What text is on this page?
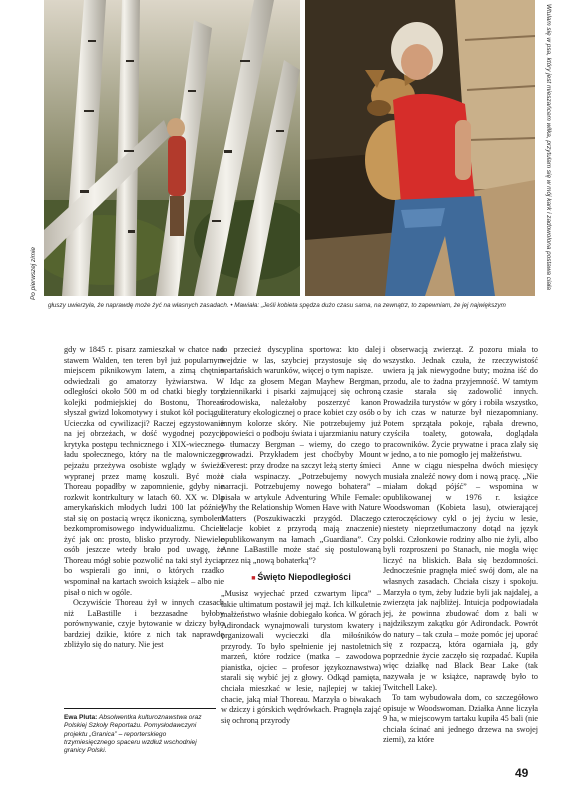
Po pierwszej zimie	Wtulam się w psa, który jest mieszańcem wilka, przytulam się w mój kark i zadowolona postawa ciała
głuszy uwierzyła, że naprawdę może żyć na własnych zasadach. • Mawiała: „Jeśli kobieta spędza dużo czasu sama, na zewnątrz, to zapewniam, że jej największym

gdy w 1845 r. pisarz zamieszkał w chatce nad stawem Walden, ten teren był już popularnym miejscem piknikowym latem, a zimą chętnie odwiedzali go amatorzy łyżwiarstwa. W odległości około 500 m od chatki biegły tory kolejki podmiejskiej do Bostonu, Thoreau słyszał gwizd lokomotywy i stukot kół pociągu. Ucieczka od cywilizacji? Raczej egzystowanie na jej obrzeżach, w dość wygodnej pozycji krytyka postępu technicznego i XIX-wiecznego ładu społecznego, który na tle malowniczego pejzażu przeżywa osobiste wglądy w świeżo wypranej przez mamę koszuli. Być może Thoreau popadłby w zapomnienie, gdyby nie rozkwit kontrkultury w latach 60. XX w. Dla amerykańskich młodych ludzi 100 lat później stał się on postacią wręcz ikoniczną, symbolem bezkompromisowego indywidualizmu. Chcieli żyć jak on: prosto, blisko przyrody. Niewiele osób jeszcze wtedy brało pod uwagę, że Thoreau mógł sobie pozwolić na taki styl życia, bo wspierali go inni, o których rzadko wspominał na kartach swoich książek – albo nie pisał o nich w ogóle.

Oczywiście Thoreau żył w innych czasach niż LaBastille i bezzasadne byłoby porównywanie, czyje bytowanie w dziczy było bardziej dzikie, które z nich tak naprawdę zbliżyło się do natury. Nie jest

to przecież dyscyplina sportowa: kto dalej wejdzie w las, szybciej przystosuje się do spartańskich warunków, więcej o tym napisze.

Idąc za głosem Megan Mayhew Bergman, dziennikarki i pisarki zajmującej się ochroną środowiska, należałoby poszerzyć kanon literatury ekologicznej o prace kobiet czy osób o innym kolorze skóry. Nie potrzebujemy już opowieści o podboju świata i ujarzmianiu natury – tłumaczy Bergman – wiemy, do czego to prowadzi. Przykładem jest choćbyby Mount Everest: przy drodze na szczyt leżą sterty śmieci i ciała wspinaczy. „Potrzebujemy nowych narracji. Potrzebujemy nowego bohatera” – pisała w artykule Adventuring While Female: Why the Relationship Women Have with Nature Matters (Poszukiwaczki przygód. Dlaczego relacje kobiet z przyrodą mają znaczenie) opublikowanym na łamach „Guardiana”. Czy Anne LaBastille może stać się postulowaną przez nią „nową bohaterką”?

■ Święto Niepodległości

„Musisz wyjechać przed czwartym lipca” – takie ultimatum postawił jej mąż. Ich kilkuletnie małżeństwo właśnie dobiegało końca. W górach Adirondack wynajmowali turystom kwatery i organizowali wycieczki dla miłośników przyrody. To było spełnienie jej nastoletnich marzeń, które rodzice (matka – zawodowa pianistka, ojciec – profesor językoznawstwa) starali się wybić jej z głowy. Odkąd pamięta, chciała mieszkać w lesie, najlepiej w takiej chacie, jaką miał Thoreau. Marzyła o biwakach w dziczy i górskich wędrówkach. Pragnęła zająć się ochroną przyrody

i obserwacją zwierząt. Z pozoru miała to wszystko. Jednak czuła, że rzeczywistość uwiera ją jak niewygodne buty; można iść do przodu, ale to żadna przyjemność. W tamtym czasie starała się zadowolić innych. Prowadziła turystów w góry i robiła wszystko, by ich czas w naturze był niezapomniany. Potem sprzątała pokoje, rąbała drewno, czyściła toalety, gotowała, doglądała pracowników. Życie prywatne i praca zlały się w jedno, a to nie pomogło jej małżeństwu.

Anne w ciągu niespełna dwóch miesięcy musiała znaleźć nowy dom i nową pracę. „Nie miałam dokąd pójść” – wspomina w opublikowanej w 1976 r. książce Woodswoman (Kobieta lasu), otwierającej czteroczęściowy cykl o jej życiu w lesie, niestety nieprzetłumaczony dotąd na język polski. Członkowie rodziny albo nie żyli, albo byli rozproszeni po Stanach, nie mogła więc liczyć na bliskich. Bała się bezdomności. Jednocześnie pragnęła mieć swój dom, ale na własnych zasadach. Chciała ciszy i spokoju. Marzyła o tym, żeby ludzie byli jak najdalej, a zwierzęta jak najbliżej. Intuicja podpowiadała jej, że powinna zbudować dom z bali w najdzikszym zakątku gór Adirondack. Powrót do natury – tak czuła – może pomóc jej uporać się z rozpaczą, która ogarniała ją, gdy poprzednie życie zaczęło się rozpadać. Kupiła więc działkę nad Black Bear Lake (tak nazywała je w książce, naprawdę było to Twitchell Lake).

To tam wybudowała dom, co szczegółowo opisuje w Woodswoman. Działka Anne liczyła 9 ha, w miejscowym tartaku kupiła 45 bali (nie chciała ścinać ani jednego drzewa na swojej ziemi), za które

Ewa Pluta: Absolwentka kulturoznawstwa oraz Polskiej Szkoły Reportażu. Pomysłodawczyni projektu „Granica” – reporterskiego trzymiesięcznego spaceru wzdłuż wschodniej granicy Polski.
49
